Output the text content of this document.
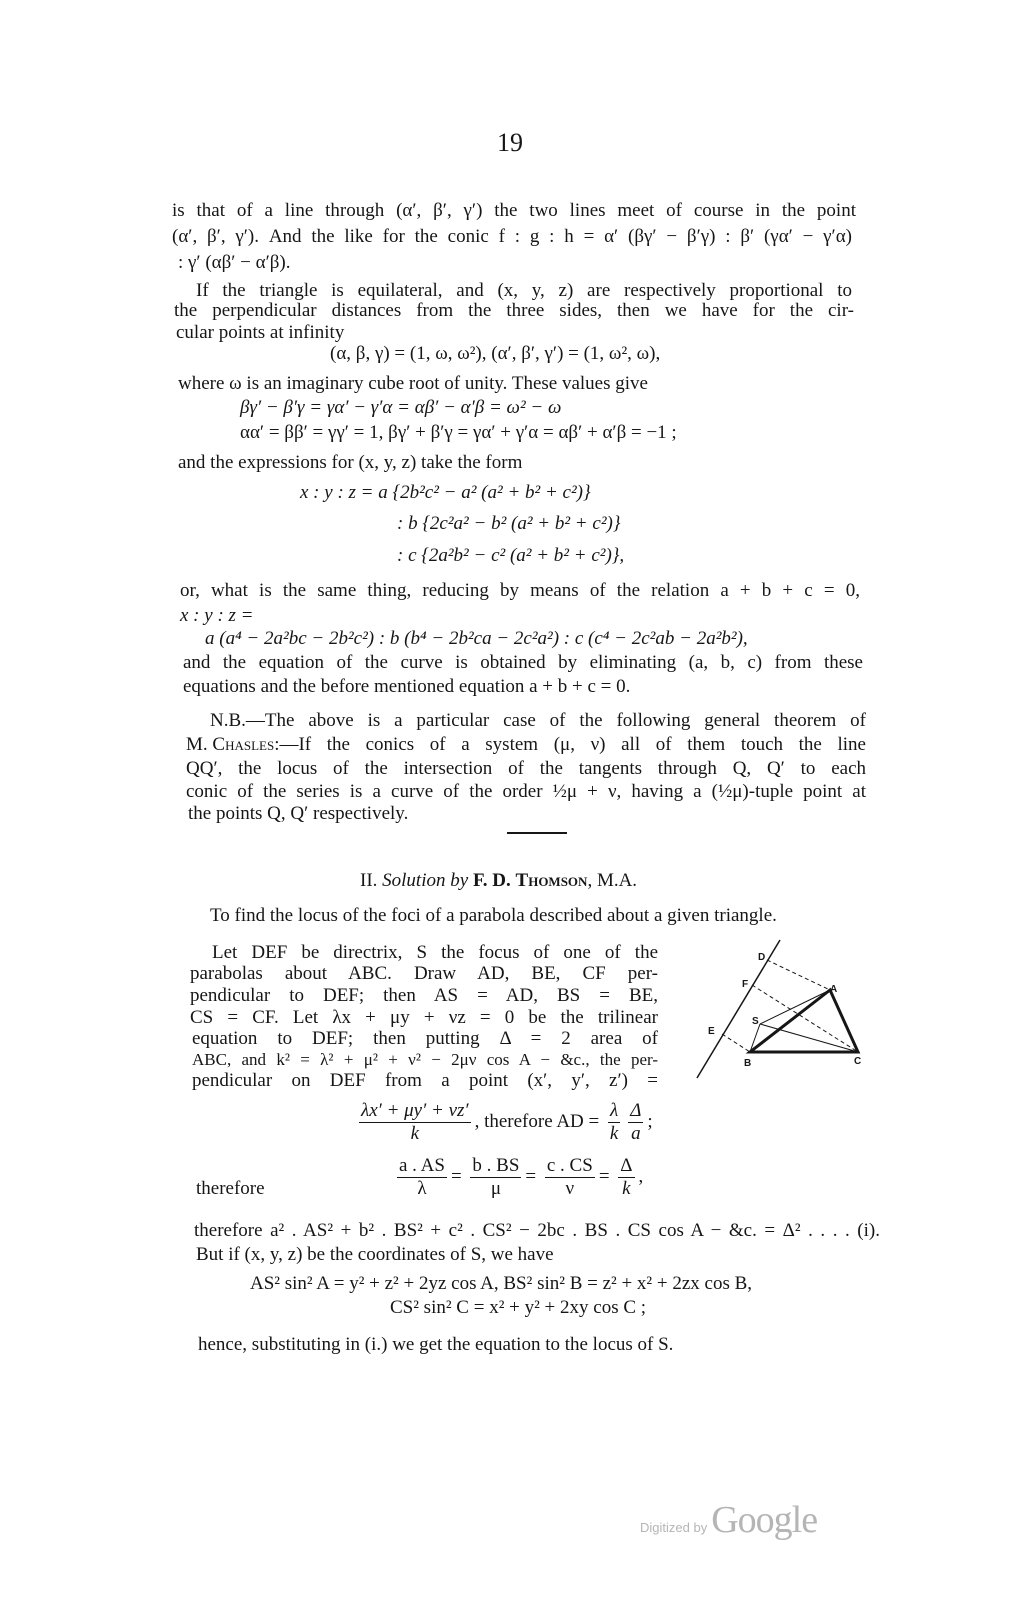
19
is that of a line through (α′, β′, γ′) the two lines meet of course in the point
(α′, β′, γ′). And the like for the conic f : g : h = α′ (βγ′ − β′γ) : β′ (γα′ − γ′α)
: γ′ (αβ′ − α′β).
If the triangle is equilateral, and (x, y, z) are respectively proportional to
the perpendicular distances from the three sides, then we have for the cir-
cular points at infinity
(α, β, γ) = (1, ω, ω²), (α′, β′, γ′) = (1, ω², ω),
where ω is an imaginary cube root of unity. These values give
βγ′ − β′γ = γα′ − γ′α = αβ′ − α′β = ω² − ω
αα′ = ββ′ = γγ′ = 1, βγ′ + β′γ = γα′ + γ′α = αβ′ + α′β = −1 ;
and the expressions for (x, y, z) take the form
x : y : z = a {2b²c² − a² (a² + b² + c²)}
: b {2c²a² − b² (a² + b² + c²)}
: c {2a²b² − c² (a² + b² + c²)},
or, what is the same thing, reducing by means of the relation a + b + c = 0,
x : y : z =
a (a⁴ − 2a²bc − 2b²c²) : b (b⁴ − 2b²ca − 2c²a²) : c (c⁴ − 2c²ab − 2a²b²),
and the equation of the curve is obtained by eliminating (a, b, c) from these
equations and the before mentioned equation a + b + c = 0.
N.B.—The above is a particular case of the following general theorem of
M. Chasles :—If the conics of a system (μ, ν) all of them touch the line
QQ′, the locus of the intersection of the tangents through Q, Q′ to each
conic of the series is a curve of the order ½μ + ν, having a (½μ)-tuple point at
the points Q, Q′ respectively.
II. Solution by F. D. Thomson, M.A.
To find the locus of the foci of a parabola described about a given triangle.
Let DEF be directrix, S the focus of one of the
parabolas about ABC. Draw AD, BE, CF per-
pendicular to DEF; then AS = AD, BS = BE,
CS = CF. Let λx + μy + νz = 0 be the trilinear
equation to DEF; then putting Δ = 2 area of
ABC, and k² = λ² + μ² + ν² − 2μν cos A − &c., the per-
pendicular on DEF from a point (x′, y′, z′) =
D
F
E
A
S
B	C
$\frac{\lambda x' + \mu y' + \nu z'}{k}$ , therefore AD = $\frac{\lambda}{k} \frac{\Delta}{a}$ ;
therefore	$\frac{a . AS}{\lambda} = \frac{b . BS}{\mu} = \frac{c . CS}{\nu} = \frac{\Delta}{k}$ ,
therefore a² . AS² + b² . BS² + c² . CS² − 2bc . BS . CS cos A − &c. = Δ² . . . . (i).
But if (x, y, z) be the coordinates of S, we have
AS² sin² A = y² + z² + 2yz cos A, BS² sin² B = z² + x² + 2zx cos B,
CS² sin² C = x² + y² + 2xy cos C ;
hence, substituting in (i.) we get the equation to the locus of S.
Digitized by Google
